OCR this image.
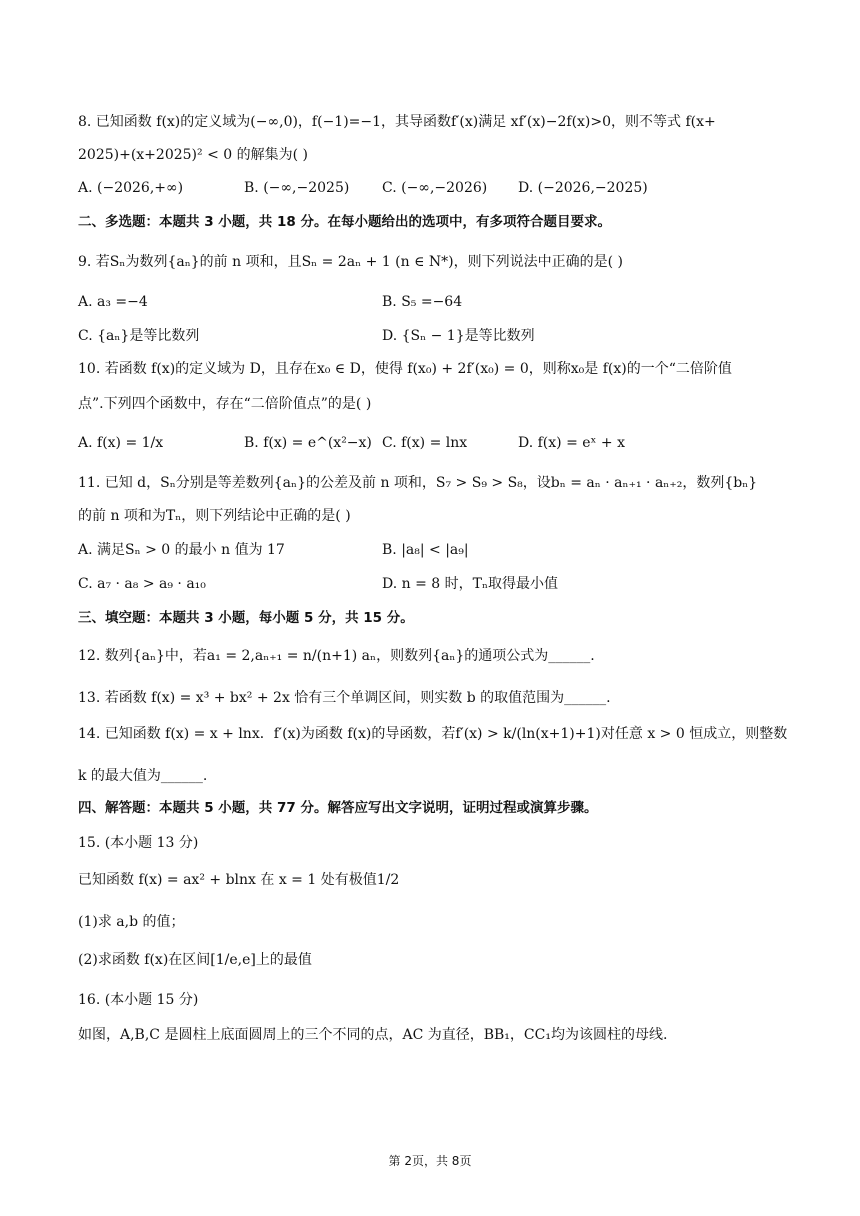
8. 已知函数 f(x)的定义域为(−∞,0)，f(−1)=−1，其导函数f′(x)满足 xf′(x)−2f(x)>0，则不等式 f(x+
2025)+(x+2025)² < 0 的解集为( )
A. (−2026,+∞)	B. (−∞,−2025) C. (−∞,−2026) D. (−2026,−2025)
二、多选题：本题共 3 小题，共 18 分。在每小题给出的选项中，有多项符合题目要求。
9. 若Sₙ为数列{aₙ}的前 n 项和，且Sₙ = 2aₙ + 1 (n ∈ N*)，则下列说法中正确的是( )
A. a₃ =−4	B. S₅ =−64
C. {aₙ}是等比数列	D. {Sₙ − 1}是等比数列
10. 若函数 f(x)的定义域为 D，且存在x₀ ∈ D，使得 f(x₀) + 2f′(x₀) = 0，则称x₀是 f(x)的一个“二倍阶值
点”.下列四个函数中，存在“二倍阶值点”的是( )
A. f(x) = 1/x	B. f(x) = e^(x²−x) C. f(x) = lnx	D. f(x) = eˣ + x
11. 已知 d，Sₙ分别是等差数列{aₙ}的公差及前 n 项和，S₇ > S₉ > S₈，设bₙ = aₙ · aₙ₊₁ · aₙ₊₂，数列{bₙ}
的前 n 项和为Tₙ，则下列结论中正确的是( )
A. 满足Sₙ > 0 的最小 n 值为 17	B. |a₈| < |a₉|
C. a₇ · a₈ > a₉ · a₁₀	D. n = 8 时，Tₙ取得最小值
三、填空题：本题共 3 小题，每小题 5 分，共 15 分。
12. 数列{aₙ}中，若a₁ = 2,aₙ₊₁ = n/(n+1) aₙ，则数列{aₙ}的通项公式为______.
13. 若函数 f(x) = x³ + bx² + 2x 恰有三个单调区间，则实数 b 的取值范围为______.
14. 已知函数 f(x) = x + lnx．f′(x)为函数 f(x)的导函数，若f′(x) > k/(ln(x+1)+1)对任意 x > 0 恒成立，则整数
k 的最大值为______.
四、解答题：本题共 5 小题，共 77 分。解答应写出文字说明，证明过程或演算步骤。
15. (本小题 13 分)
已知函数 f(x) = ax² + blnx 在 x = 1 处有极值1/2
(1)求 a,b 的值；
(2)求函数 f(x)在区间[1/e,e]上的最值
16. (本小题 15 分)
如图，A,B,C 是圆柱上底面圆周上的三个不同的点，AC 为直径，BB₁，CC₁均为该圆柱的母线.
第 2页，共 8页
